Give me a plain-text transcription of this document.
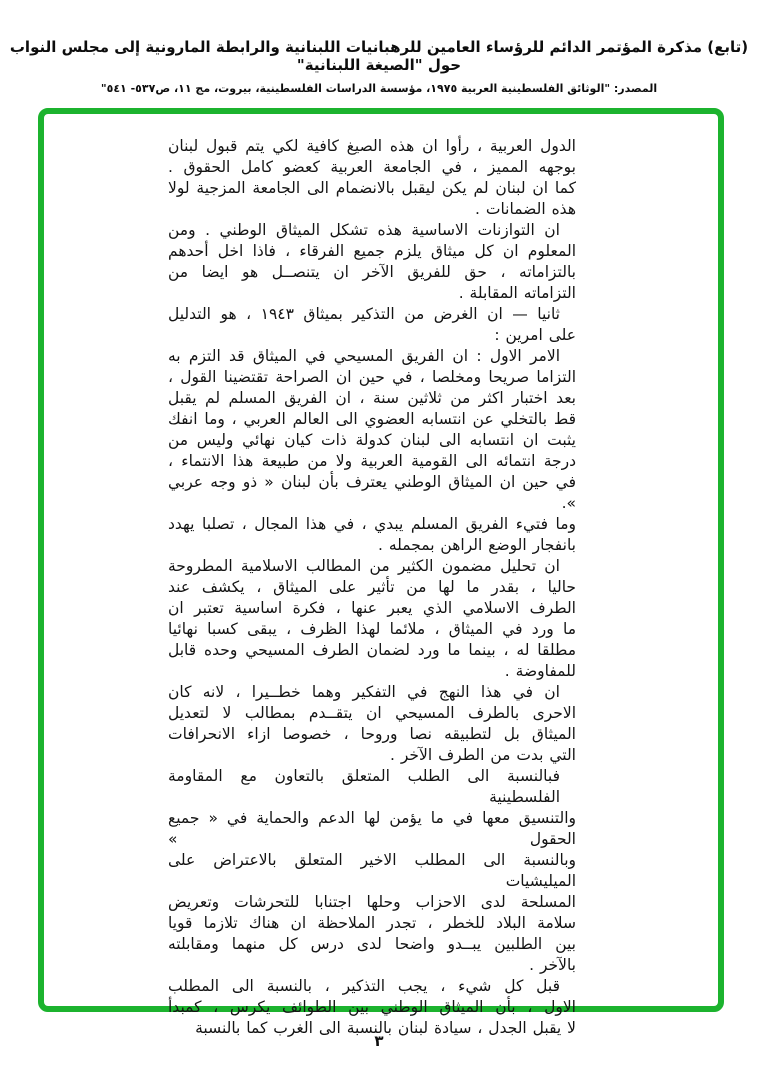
(تابع) مذكرة المؤتمر الدائم للرؤساء العامين للرهبانيات اللبنانية والرابطة المارونية إلى مجلس النواب حول "الصيغة اللبنانية"
المصدر: "الوثائق الفلسطينية العربية ١٩٧٥، مؤسسة الدراسات الفلسطينية، بيروت، مج ١١، ص٥٣٧- ٥٤١"
الدول العربية ، رأوا ان هذه الصيغ كافية لكي يتم قبول لبنان
بوجهه المميز ، في الجامعة العربية كعضو كامل الحقوق .
كما ان لبنان لم يكن ليقبل بالانضمام الى الجامعة المزجية لولا
هذه الضمانات .
ان التوازنات الاساسية هذه تشكل الميثاق الوطني . ومن
المعلوم ان كل ميثاق يلزم جميع الفرقاء ، فاذا اخل أحدهم
بالتزاماته ، حق للفريق الآخر ان يتنصــل هو ايضا من
التزاماته المقابلة .
ثانيا — ان الغرض من التذكير بميثاق ١٩٤٣ ، هو التدليل
على امرين :
الامر الاول : ان الفريق المسيحي في الميثاق قد التزم به
التزاما صريحا ومخلصا ، في حين ان الصراحة تقتضينا القول ،
بعد اختبار اكثر من ثلاثين سنة ، ان الفريق المسلم لم يقبل
قط بالتخلي عن انتسابه العضوي الى العالم العربي ، وما انفك
يثبت ان انتسابه الى لبنان كدولة ذات كيان نهائي وليس من
درجة انتمائه الى القومية العربية ولا من طبيعة هذا الانتماء ،
في حين ان الميثاق الوطني يعترف بأن لبنان « ذو وجه عربي ».
وما فتيء الفريق المسلم يبدي ، في هذا المجال ، تصلبا يهدد
بانفجار الوضع الراهن بمجمله .
ان تحليل مضمون الكثير من المطالب الاسلامية المطروحة
حاليا ، بقدر ما لها من تأثير على الميثاق ، يكشف عند
الطرف الاسلامي الذي يعبر عنها ، فكرة اساسية تعتبر ان
ما ورد في الميثاق ، ملائما لهذا الظرف ، يبقى كسبا نهائيا
مطلقا له ، بينما ما ورد لضمان الطرف المسيحي وحده قابل
للمفاوضة .
ان في هذا النهج في التفكير وهما خطــيرا ، لانه كان
الاحرى بالطرف المسيحي ان يتقــدم بمطالب لا لتعديل
الميثاق بل لتطبيقه نصا وروحا ، خصوصا ازاء الانحرافات
التي بدت من الطرف الآخر .
فبالنسبة الى الطلب المتعلق بالتعاون مع المقاومة الفلسطينية
والتنسيق معها في ما يؤمن لها الدعم والحماية في « جميع الحقول »
وبالنسبة الى المطلب الاخير المتعلق بالاعتراض على الميليشيات
المسلحة لدى الاحزاب وحلها اجتنابا للتحرشات وتعريض
سلامة البلاد للخطر ، تجدر الملاحظة ان هناك تلازما قويا
بين الطلبين يبــدو واضحا لدى درس كل منهما ومقابلته
بالآخر .
قبل كل شيء ، يجب التذكير ، بالنسبة الى المطلب
الاول ، بأن الميثاق الوطني بين الطوائف يكرس ، كمبدأ
لا يقبل الجدل ، سيادة لبنان بالنسبة الى الغرب كما بالنسبة
٣
